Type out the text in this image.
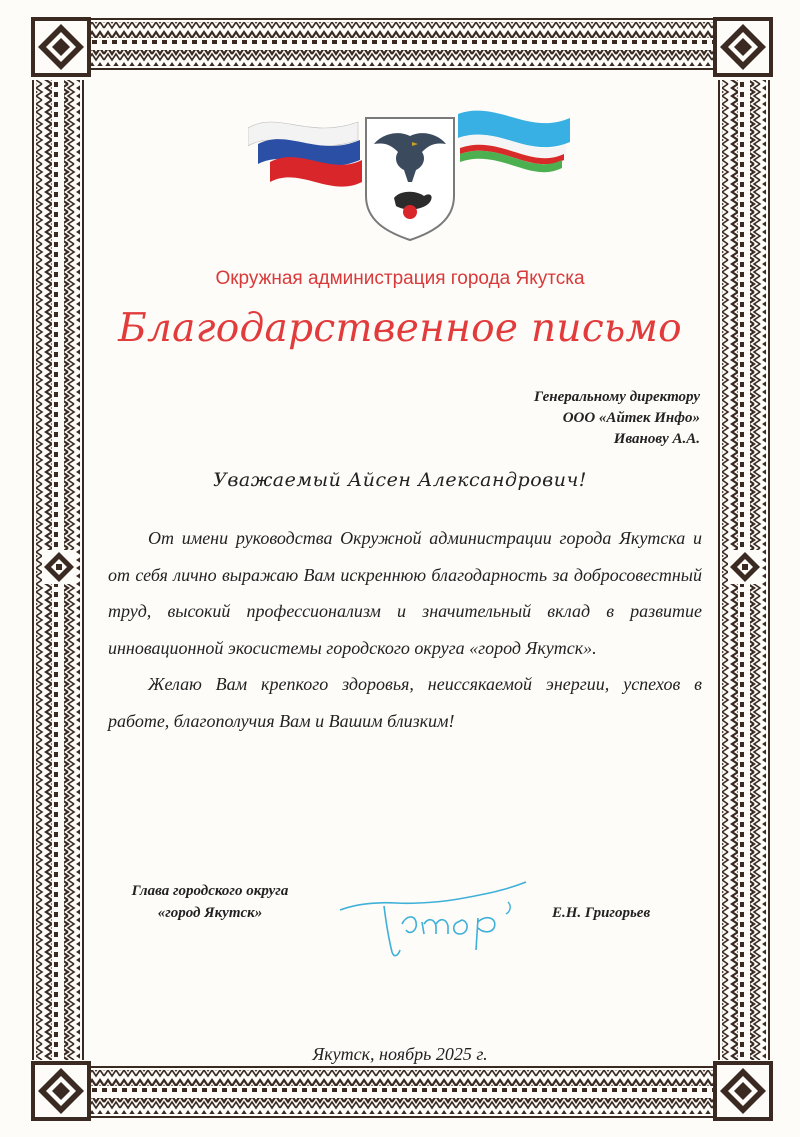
Окружная администрация города Якутска
Благодарственное письмо
Генеральному директору
ООО «Айтек Инфо»
Иванову А.А.
Уважаемый Айсен Александрович!

От имени руководства Окружной администрации города Якутска и от себя лично выражаю Вам искреннюю благодарность за добросовестный труд, высокий профессионализм и значительный вклад в развитие инновационной экосистемы городского округа «город Якутск».

Желаю Вам крепкого здоровья, неиссякаемой энергии, успехов в работе, благополучия Вам и Вашим близким!

Глава городского округа
«город Якутск»	Е.Н. Григорьев
Якутск, ноябрь 2025 г.
